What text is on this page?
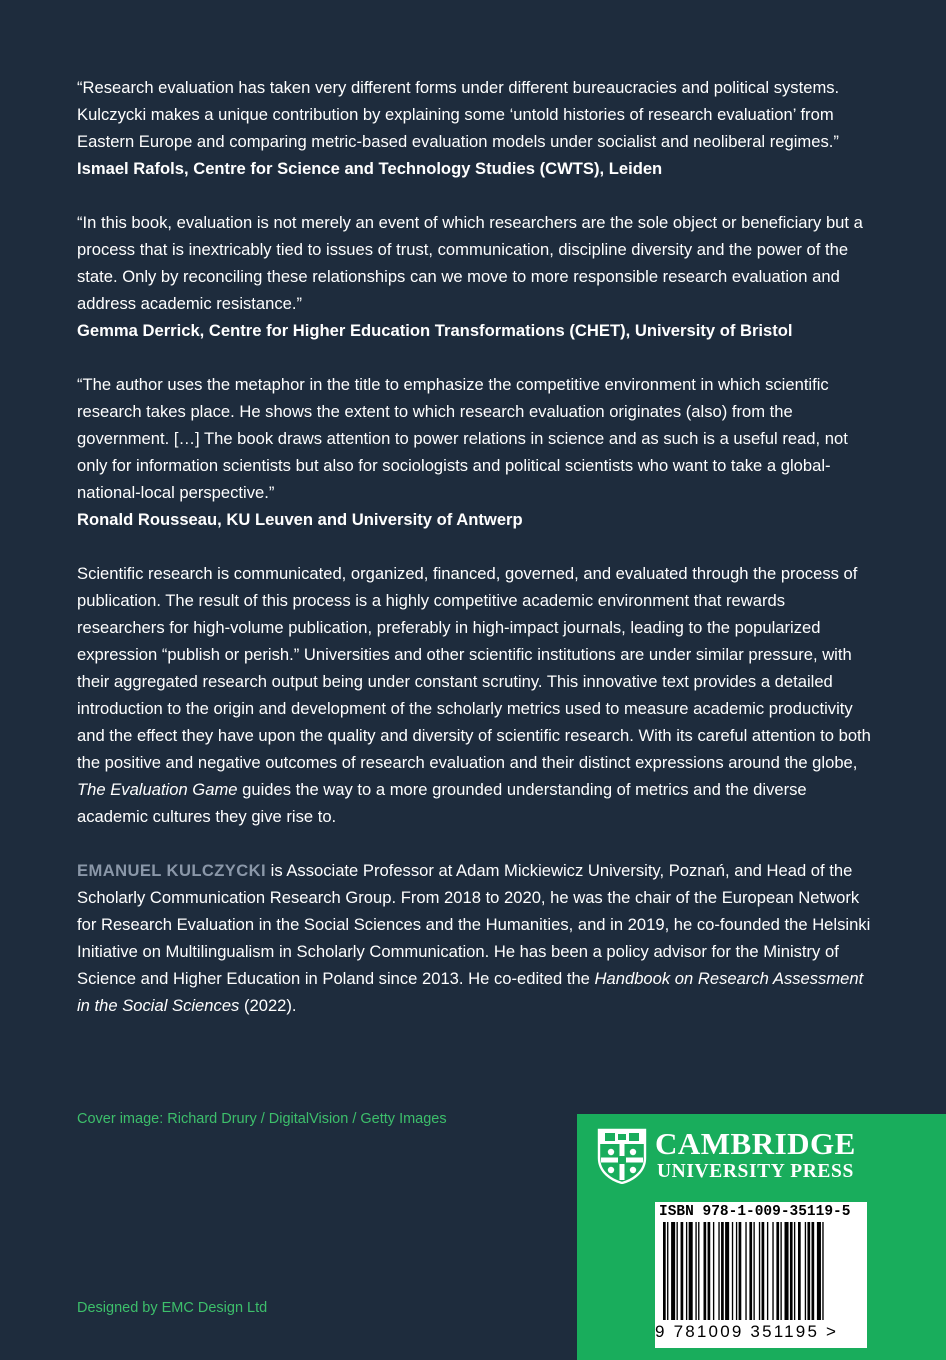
“Research evaluation has taken very different forms under different bureaucracies and political systems. Kulczycki makes a unique contribution by explaining some ‘untold histories of research evaluation’ from Eastern Europe and comparing metric-based evaluation models under socialist and neoliberal regimes.”

Ismael Rafols, Centre for Science and Technology Studies (CWTS), Leiden

“In this book, evaluation is not merely an event of which researchers are the sole object or beneficiary but a process that is inextricably tied to issues of trust, communication, discipline diversity and the power of the state. Only by reconciling these relationships can we move to more responsible research evaluation and address academic resistance.”

Gemma Derrick, Centre for Higher Education Transformations (CHET), University of Bristol

“The author uses the metaphor in the title to emphasize the competitive environment in which scientific research takes place. He shows the extent to which research evaluation originates (also) from the government. […] The book draws attention to power relations in science and as such is a useful read, not only for information scientists but also for sociologists and political scientists who want to take a global-national-local perspective.”

Ronald Rousseau, KU Leuven and University of Antwerp

Scientific research is communicated, organized, financed, governed, and evaluated through the process of publication. The result of this process is a highly competitive academic environment that rewards researchers for high-volume publication, preferably in high-impact journals, leading to the popularized expression “publish or perish.” Universities and other scientific institutions are under similar pressure, with their aggregated research output being under constant scrutiny. This innovative text provides a detailed introduction to the origin and development of the scholarly metrics used to measure academic productivity and the effect they have upon the quality and diversity of scientific research. With its careful attention to both the positive and negative outcomes of research evaluation and their distinct expressions around the globe, The Evaluation Game guides the way to a more grounded understanding of metrics and the diverse academic cultures they give rise to.

EMANUEL KULCZYCKI is Associate Professor at Adam Mickiewicz University, Poznań, and Head of the Scholarly Communication Research Group. From 2018 to 2020, he was the chair of the European Network for Research Evaluation in the Social Sciences and the Humanities, and in 2019, he co-founded the Helsinki Initiative on Multilingualism in Scholarly Communication. He has been a policy advisor for the Ministry of Science and Higher Education in Poland since 2013. He co-edited the Handbook on Research Assessment in the Social Sciences (2022).

Cover image: Richard Drury / DigitalVision / Getty Images
Designed by EMC Design Ltd
CAMBRIDGE
UNIVERSITY PRESS
ISBN 978-1-009-35119-5
9 781009 351195 >
